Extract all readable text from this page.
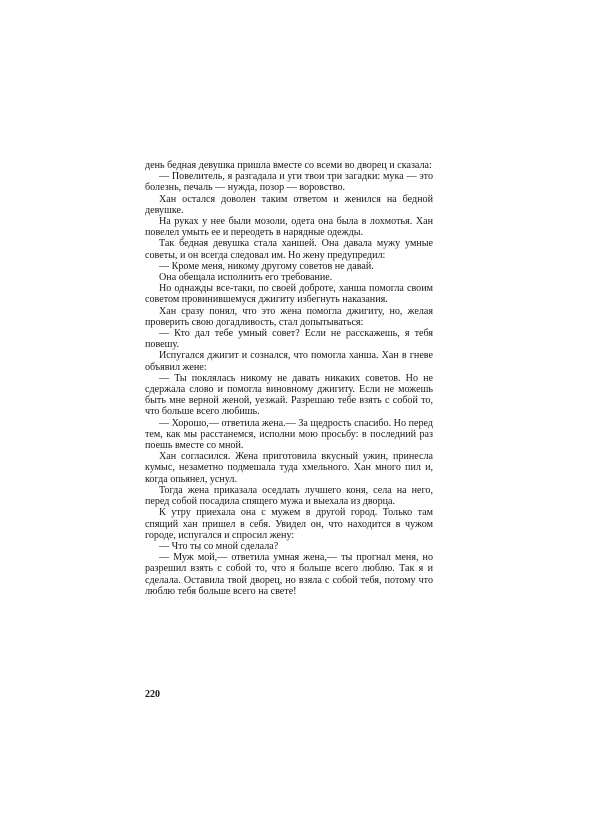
день бедная девушка пришла вместе со всеми во дворец и сказала:

— Повелитель, я разгадала и уги твои три загадки: мука — это болезнь, печаль — нужда, позор — воровство.

Хан остался доволен таким ответом и женился на бедной девушке.

На руках у нее были мозоли, одета она была в лохмотья. Хан повелел умыть ее и переодеть в нарядные одежды.

Так бедная девушка стала ханшей. Она давала мужу умные советы, и он всегда следовал им. Но жену предупредил:

— Кроме меня, никому другому советов не давай.

Она обещала исполнить его требование.

Но однажды все-таки, по своей доброте, ханша помогла своим советом провинившемуся джигиту избегнуть наказания.

Хан сразу понял, что это жена помогла джигиту, но, желая проверить свою догадливость, стал допытываться:

— Кто дал тебе умный совет? Если не расскажешь, я тебя повешу.

Испугался джигит и сознался, что помогла ханша. Хан в гневе объявил жене:

— Ты поклялась никому не давать никаких советов. Но не сдержала слово и помогла виновному джигиту. Если не можешь быть мне верной женой, уезжай. Разрешаю тебе взять с собой то, что больше всего любишь.

— Хорошо,— ответила жена.— За щедрость спасибо. Но перед тем, как мы расстанемся, исполни мою просьбу: в последний раз поешь вместе со мной.

Хан согласился. Жена приготовила вкусный ужин, принесла кумыс, незаметно подмешала туда хмельного. Хан много пил и, когда опьянел, уснул.

Тогда жена приказала оседлать лучшего коня, села на него, перед собой посадила спящего мужа и выехала из дворца.

К утру приехала она с мужем в другой город. Только там спящий хан пришел в себя. Увидел он, что находится в чужом городе, испугался и спросил жену:

— Что ты со мной сделала?

— Муж мой,— ответила умная жена,— ты прогнал меня, но разрешил взять с собой то, что я больше всего люблю. Так я и сделала. Оставила твой дворец, но взяла с собой тебя, потому что люблю тебя больше всего на свете!

220
